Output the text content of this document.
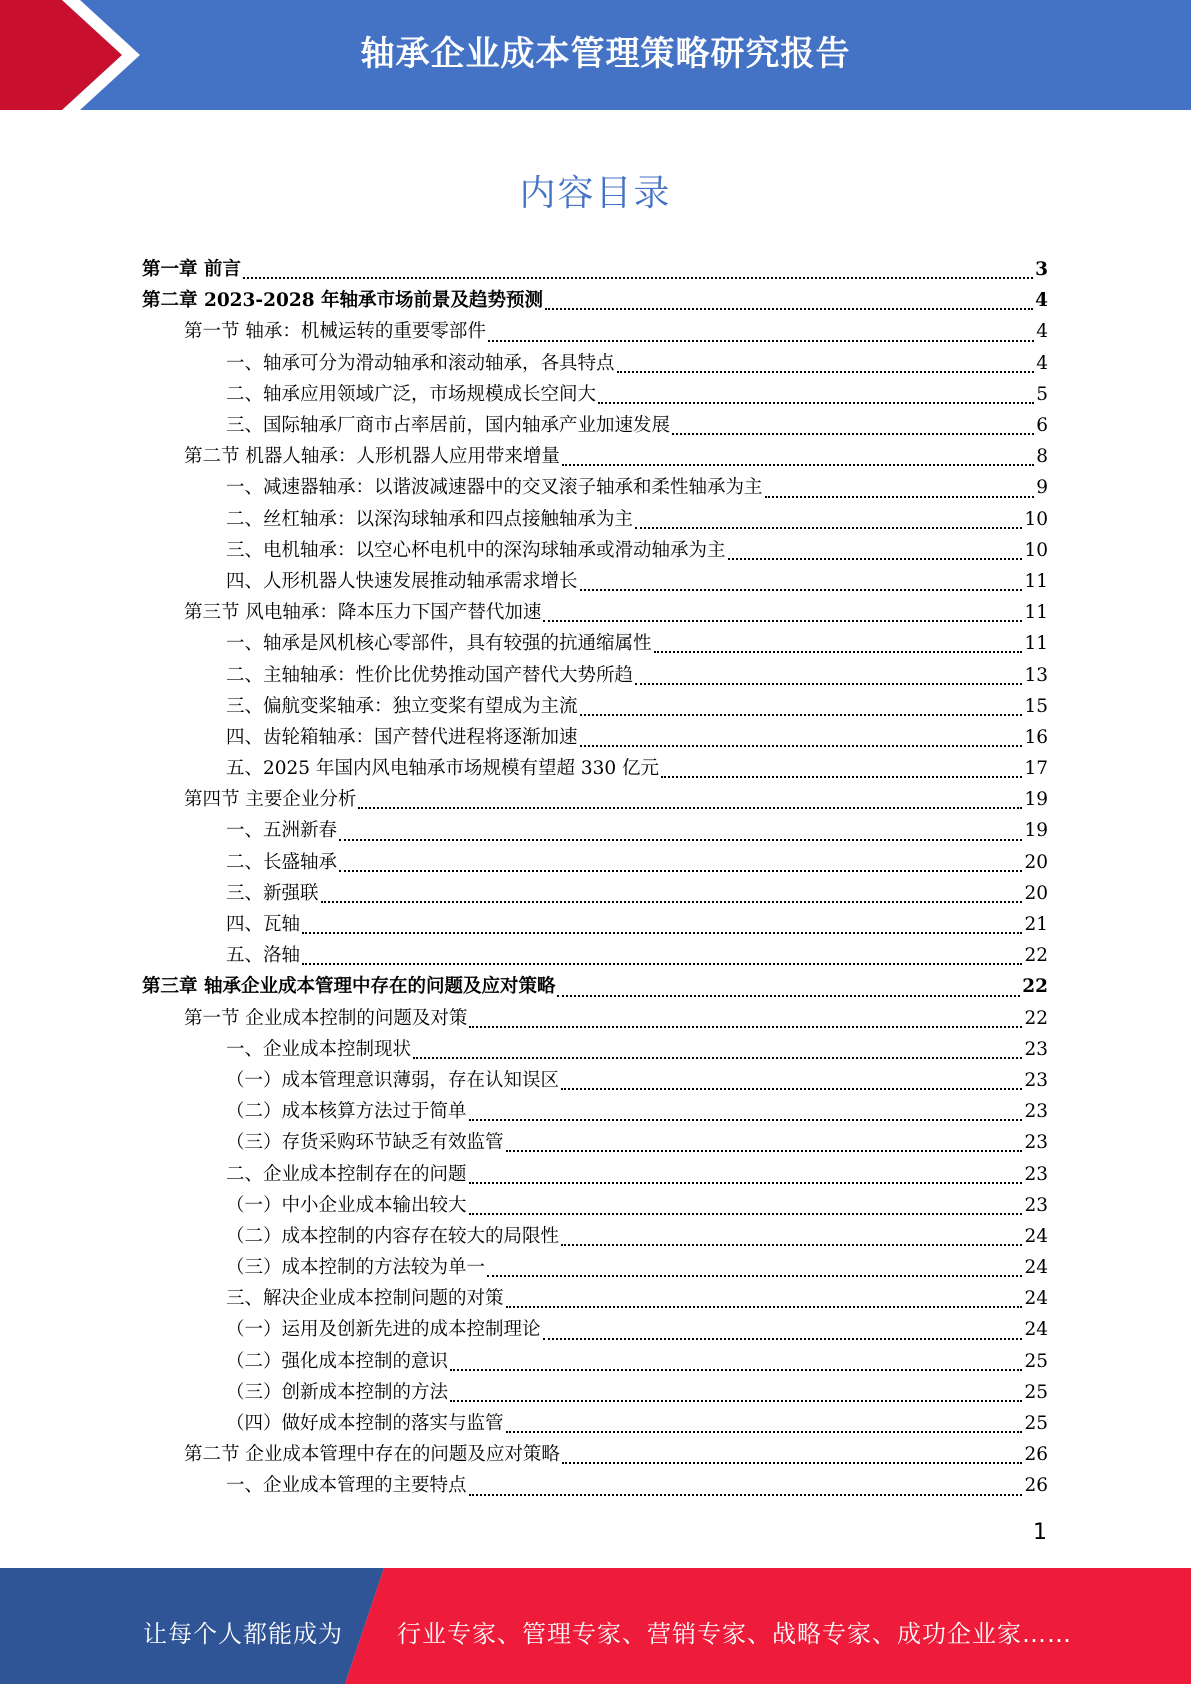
轴承企业成本管理策略研究报告
内容目录
第一章 前言	3
第二章 2023-2028 年轴承市场前景及趋势预测	4
第一节 轴承：机械运转的重要零部件	4
一、轴承可分为滑动轴承和滚动轴承，各具特点	4
二、轴承应用领域广泛，市场规模成长空间大	5
三、国际轴承厂商市占率居前，国内轴承产业加速发展	6
第二节 机器人轴承：人形机器人应用带来增量	8
一、减速器轴承：以谐波减速器中的交叉滚子轴承和柔性轴承为主	9
二、丝杠轴承：以深沟球轴承和四点接触轴承为主	10
三、电机轴承：以空心杯电机中的深沟球轴承或滑动轴承为主	10
四、人形机器人快速发展推动轴承需求增长	11
第三节 风电轴承：降本压力下国产替代加速	11
一、轴承是风机核心零部件，具有较强的抗通缩属性	11
二、主轴轴承：性价比优势推动国产替代大势所趋	13
三、偏航变桨轴承：独立变桨有望成为主流	15
四、齿轮箱轴承：国产替代进程将逐渐加速	16
五、2025 年国内风电轴承市场规模有望超 330 亿元	17
第四节 主要企业分析	19
一、五洲新春	19
二、长盛轴承	20
三、新强联	20
四、瓦轴	21
五、洛轴	22
第三章 轴承企业成本管理中存在的问题及应对策略	22
第一节 企业成本控制的问题及对策	22
一、企业成本控制现状	23
（一）成本管理意识薄弱，存在认知误区	23
（二）成本核算方法过于简单	23
（三）存货采购环节缺乏有效监管	23
二、企业成本控制存在的问题	23
（一）中小企业成本输出较大	23
（二）成本控制的内容存在较大的局限性	24
（三）成本控制的方法较为单一	24
三、解决企业成本控制问题的对策	24
（一）运用及创新先进的成本控制理论	24
（二）强化成本控制的意识	25
（三）创新成本控制的方法	25
（四）做好成本控制的落实与监管	25
第二节 企业成本管理中存在的问题及应对策略	26
一、企业成本管理的主要特点	26
1
让每个人都能成为 行业专家、管理专家、营销专家、战略专家、成功企业家……
